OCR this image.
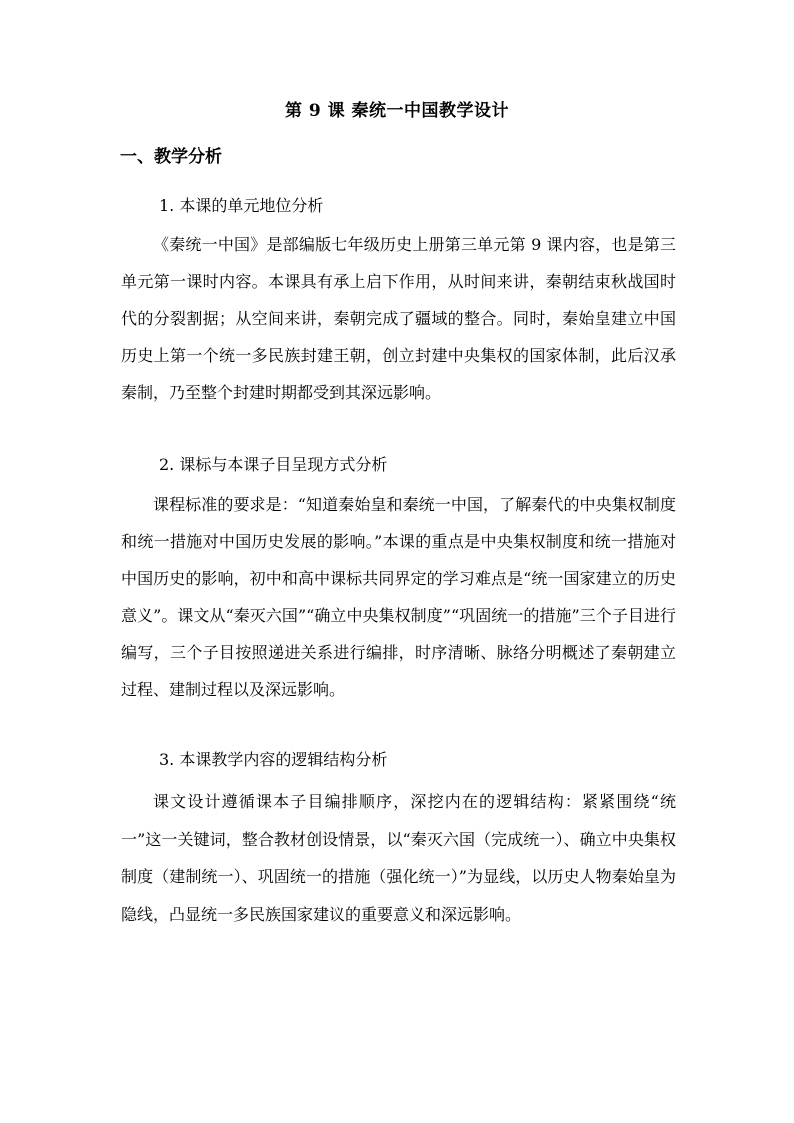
第 9 课 秦统一中国教学设计
一、教学分析
1. 本课的单元地位分析

《秦统一中国》是部编版七年级历史上册第三单元第 9 课内容，也是第三单元第一课时内容。本课具有承上启下作用，从时间来讲，秦朝结束秋战国时代的分裂割据；从空间来讲，秦朝完成了疆域的整合。同时，秦始皇建立中国历史上第一个统一多民族封建王朝，创立封建中央集权的国家体制，此后汉承秦制，乃至整个封建时期都受到其深远影响。

2. 课标与本课子目呈现方式分析

课程标准的要求是：“知道秦始皇和秦统一中国，了解秦代的中央集权制度和统一措施对中国历史发展的影响。”本课的重点是中央集权制度和统一措施对中国历史的影响，初中和高中课标共同界定的学习难点是“统一国家建立的历史意义”。课文从“秦灭六国”“确立中央集权制度”“巩固统一的措施”三个子目进行编写，三个子目按照递进关系进行编排，时序清晰、脉络分明概述了秦朝建立过程、建制过程以及深远影响。

3. 本课教学内容的逻辑结构分析

课文设计遵循课本子目编排顺序，深挖内在的逻辑结构：紧紧围绕“统一”这一关键词，整合教材创设情景，以“秦灭六国（完成统一）、确立中央集权制度（建制统一）、巩固统一的措施（强化统一）”为显线，以历史人物秦始皇为隐线，凸显统一多民族国家建议的重要意义和深远影响。
